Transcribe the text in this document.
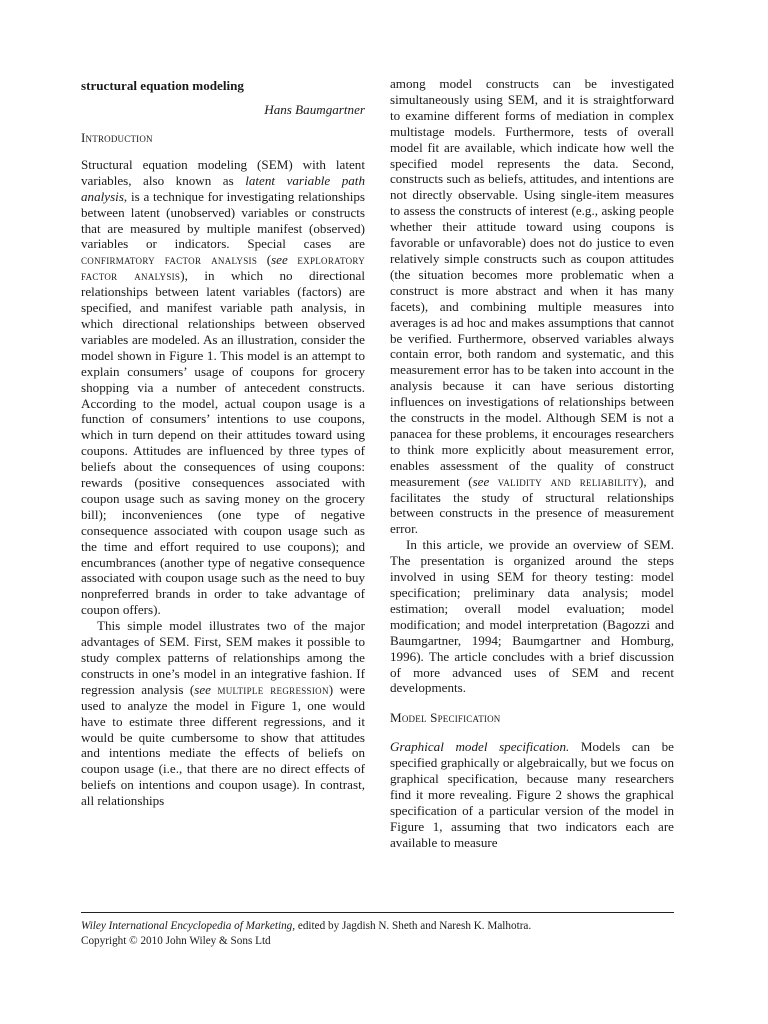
structural equation modeling
Hans Baumgartner
Introduction

Structural equation modeling (SEM) with latent variables, also known as latent variable path analysis, is a technique for investigating relationships between latent (unobserved) variables or constructs that are measured by multiple manifest (observed) variables or indicators. Special cases are confirmatory factor analysis (see exploratory factor analysis), in which no directional relationships between latent variables (factors) are specified, and manifest variable path analysis, in which directional relationships between observed variables are modeled. As an illustration, consider the model shown in Figure 1. This model is an attempt to explain consumers’ usage of coupons for grocery shopping via a number of antecedent constructs. According to the model, actual coupon usage is a function of consumers’ intentions to use coupons, which in turn depend on their attitudes toward using coupons. Attitudes are influenced by three types of beliefs about the consequences of using coupons: rewards (positive consequences associated with coupon usage such as saving money on the grocery bill); inconveniences (one type of negative consequence associated with coupon usage such as the time and effort required to use coupons); and encumbrances (another type of negative consequence associated with coupon usage such as the need to buy nonpreferred brands in order to take advantage of coupon offers).

This simple model illustrates two of the major advantages of SEM. First, SEM makes it possible to study complex patterns of relationships among the constructs in one’s model in an integrative fashion. If regression analysis (see multiple regression) were used to analyze the model in Figure 1, one would have to estimate three different regressions, and it would be quite cumbersome to show that attitudes and intentions mediate the effects of beliefs on coupon usage (i.e., that there are no direct effects of beliefs on intentions and coupon usage). In contrast, all relationships

among model constructs can be investigated simultaneously using SEM, and it is straightforward to examine different forms of mediation in complex multistage models. Furthermore, tests of overall model fit are available, which indicate how well the specified model represents the data. Second, constructs such as beliefs, attitudes, and intentions are not directly observable. Using single-item measures to assess the constructs of interest (e.g., asking people whether their attitude toward using coupons is favorable or unfavorable) does not do justice to even relatively simple constructs such as coupon attitudes (the situation becomes more problematic when a construct is more abstract and when it has many facets), and combining multiple measures into averages is ad hoc and makes assumptions that cannot be verified. Furthermore, observed variables always contain error, both random and systematic, and this measurement error has to be taken into account in the analysis because it can have serious distorting influences on investigations of relationships between the constructs in the model. Although SEM is not a panacea for these problems, it encourages researchers to think more explicitly about measurement error, enables assessment of the quality of construct measurement (see validity and reliability), and facilitates the study of structural relationships between constructs in the presence of measurement error.

In this article, we provide an overview of SEM. The presentation is organized around the steps involved in using SEM for theory testing: model specification; preliminary data analysis; model estimation; overall model evaluation; model modification; and model interpretation (Bagozzi and Baumgartner, 1994; Baumgartner and Homburg, 1996). The article concludes with a brief discussion of more advanced uses of SEM and recent developments.

Model Specification

Graphical model specification. Models can be specified graphically or algebraically, but we focus on graphical specification, because many researchers find it more revealing. Figure 2 shows the graphical specification of a particular version of the model in Figure 1, assuming that two indicators each are available to measure

Wiley International Encyclopedia of Marketing, edited by Jagdish N. Sheth and Naresh K. Malhotra.
Copyright © 2010 John Wiley & Sons Ltd
